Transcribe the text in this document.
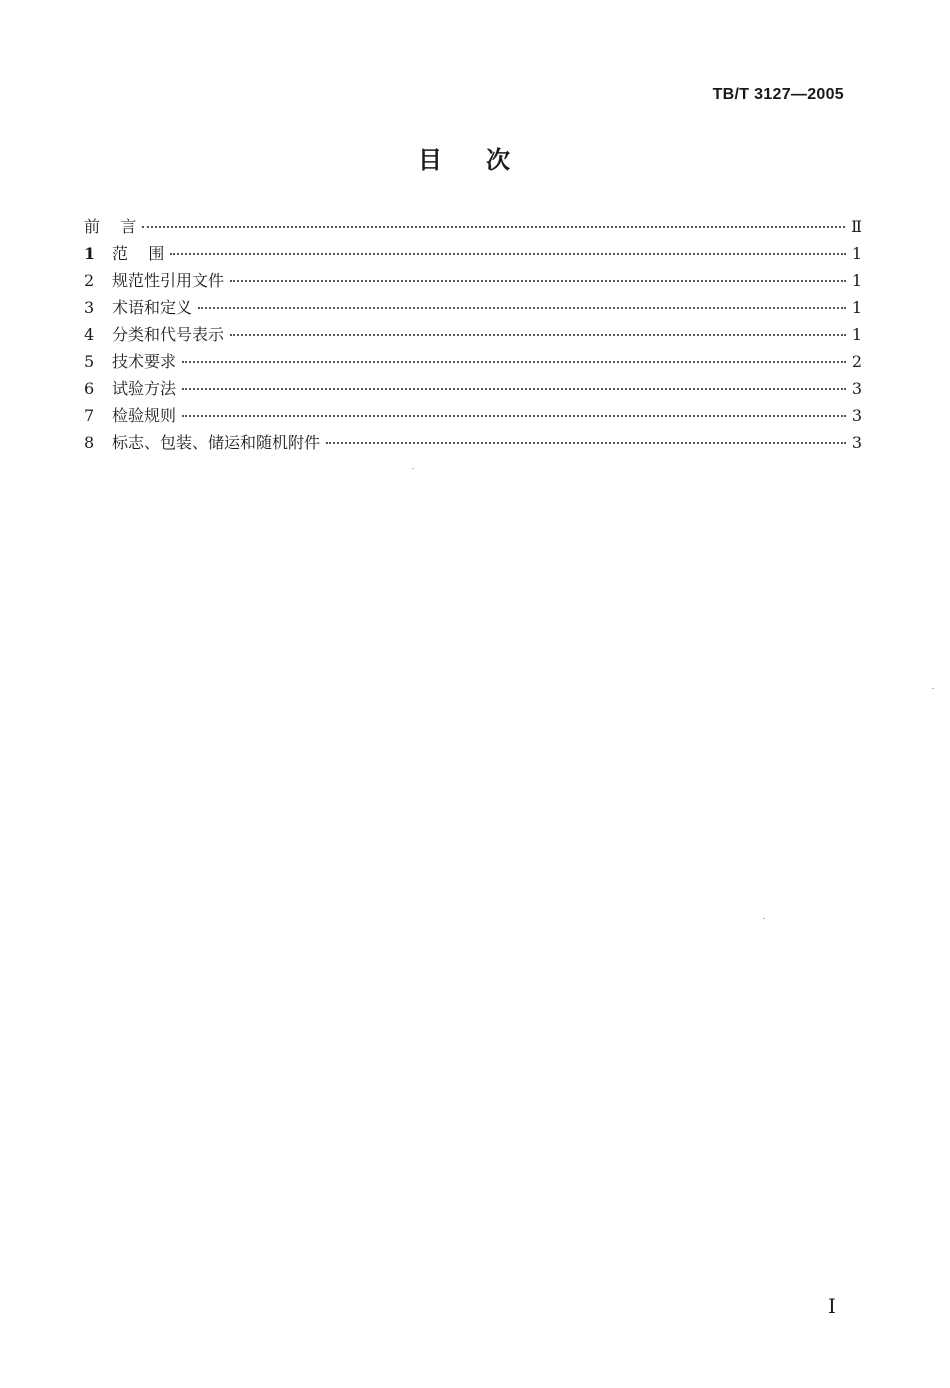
TB/T 3127—2005
目次
前    言	Ⅱ
1	范    围	1
2	规范性引用文件	1
3	术语和定义	1
4	分类和代号表示	1
5	技术要求	2
6	试验方法	3
7	检验规则	3
8	标志、包装、储运和随机附件	3
I
